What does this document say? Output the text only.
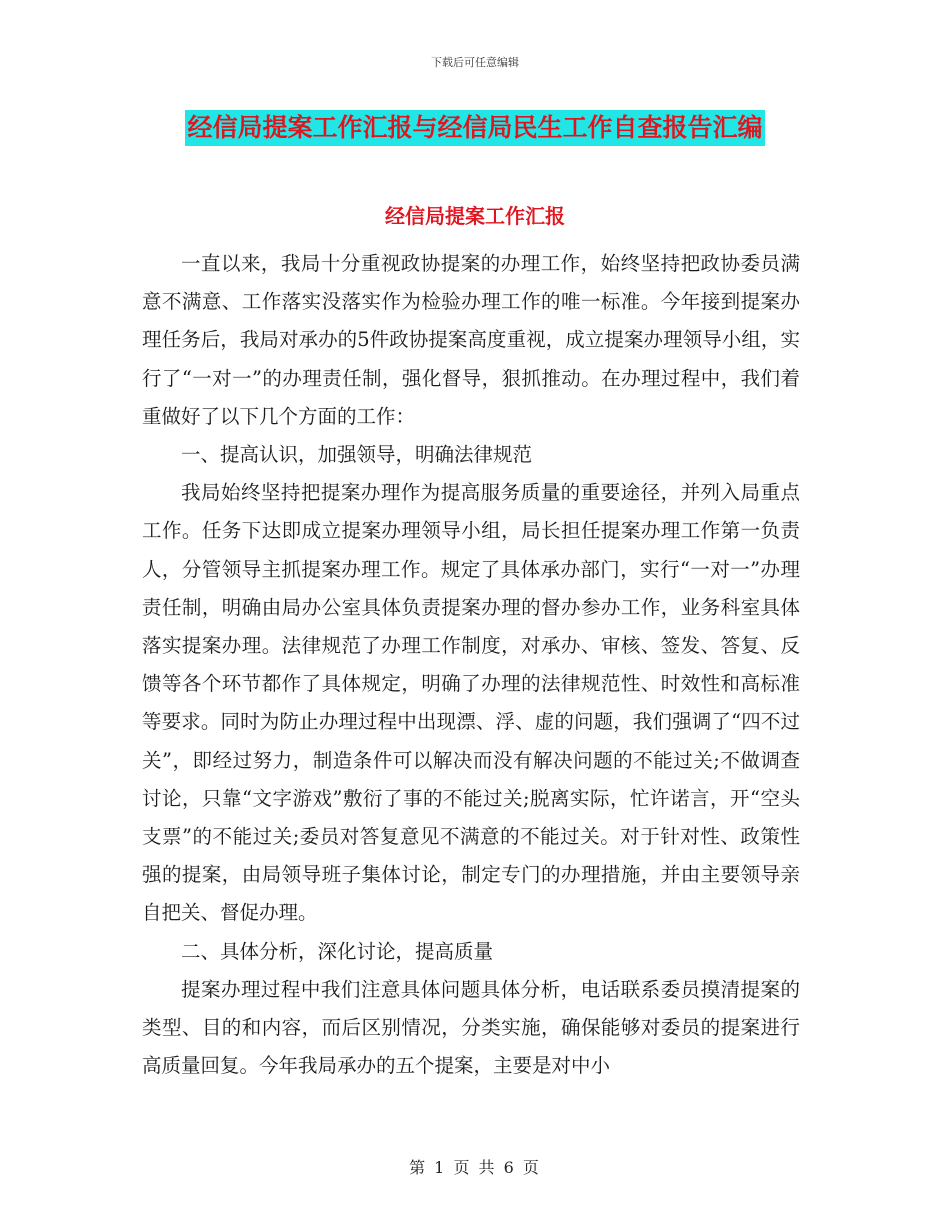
下载后可任意编辑
经信局提案工作汇报与经信局民生工作自查报告汇编
经信局提案工作汇报

一直以来，我局十分重视政协提案的办理工作，始终坚持把政协委员满意不满意、工作落实没落实作为检验办理工作的唯一标准。今年接到提案办理任务后，我局对承办的5件政协提案高度重视，成立提案办理领导小组，实行了“一对一”的办理责任制，强化督导，狠抓推动。在办理过程中，我们着重做好了以下几个方面的工作：

一、提高认识，加强领导，明确法律规范

我局始终坚持把提案办理作为提高服务质量的重要途径，并列入局重点工作。任务下达即成立提案办理领导小组，局长担任提案办理工作第一负责人，分管领导主抓提案办理工作。规定了具体承办部门，实行“一对一”办理责任制，明确由局办公室具体负责提案办理的督办参办工作，业务科室具体落实提案办理。法律规范了办理工作制度，对承办、审核、签发、答复、反馈等各个环节都作了具体规定，明确了办理的法律规范性、时效性和高标准等要求。同时为防止办理过程中出现漂、浮、虚的问题，我们强调了“四不过关”，即经过努力，制造条件可以解决而没有解决问题的不能过关;不做调查讨论，只靠“文字游戏”敷衍了事的不能过关;脱离实际，忙许诺言，开“空头支票”的不能过关;委员对答复意见不满意的不能过关。对于针对性、政策性强的提案，由局领导班子集体讨论，制定专门的办理措施，并由主要领导亲自把关、督促办理。

二、具体分析，深化讨论，提高质量

提案办理过程中我们注意具体问题具体分析，电话联系委员摸清提案的类型、目的和内容，而后区别情况，分类实施，确保能够对委员的提案进行高质量回复。今年我局承办的五个提案，主要是对中小

第 1 页 共 6 页
